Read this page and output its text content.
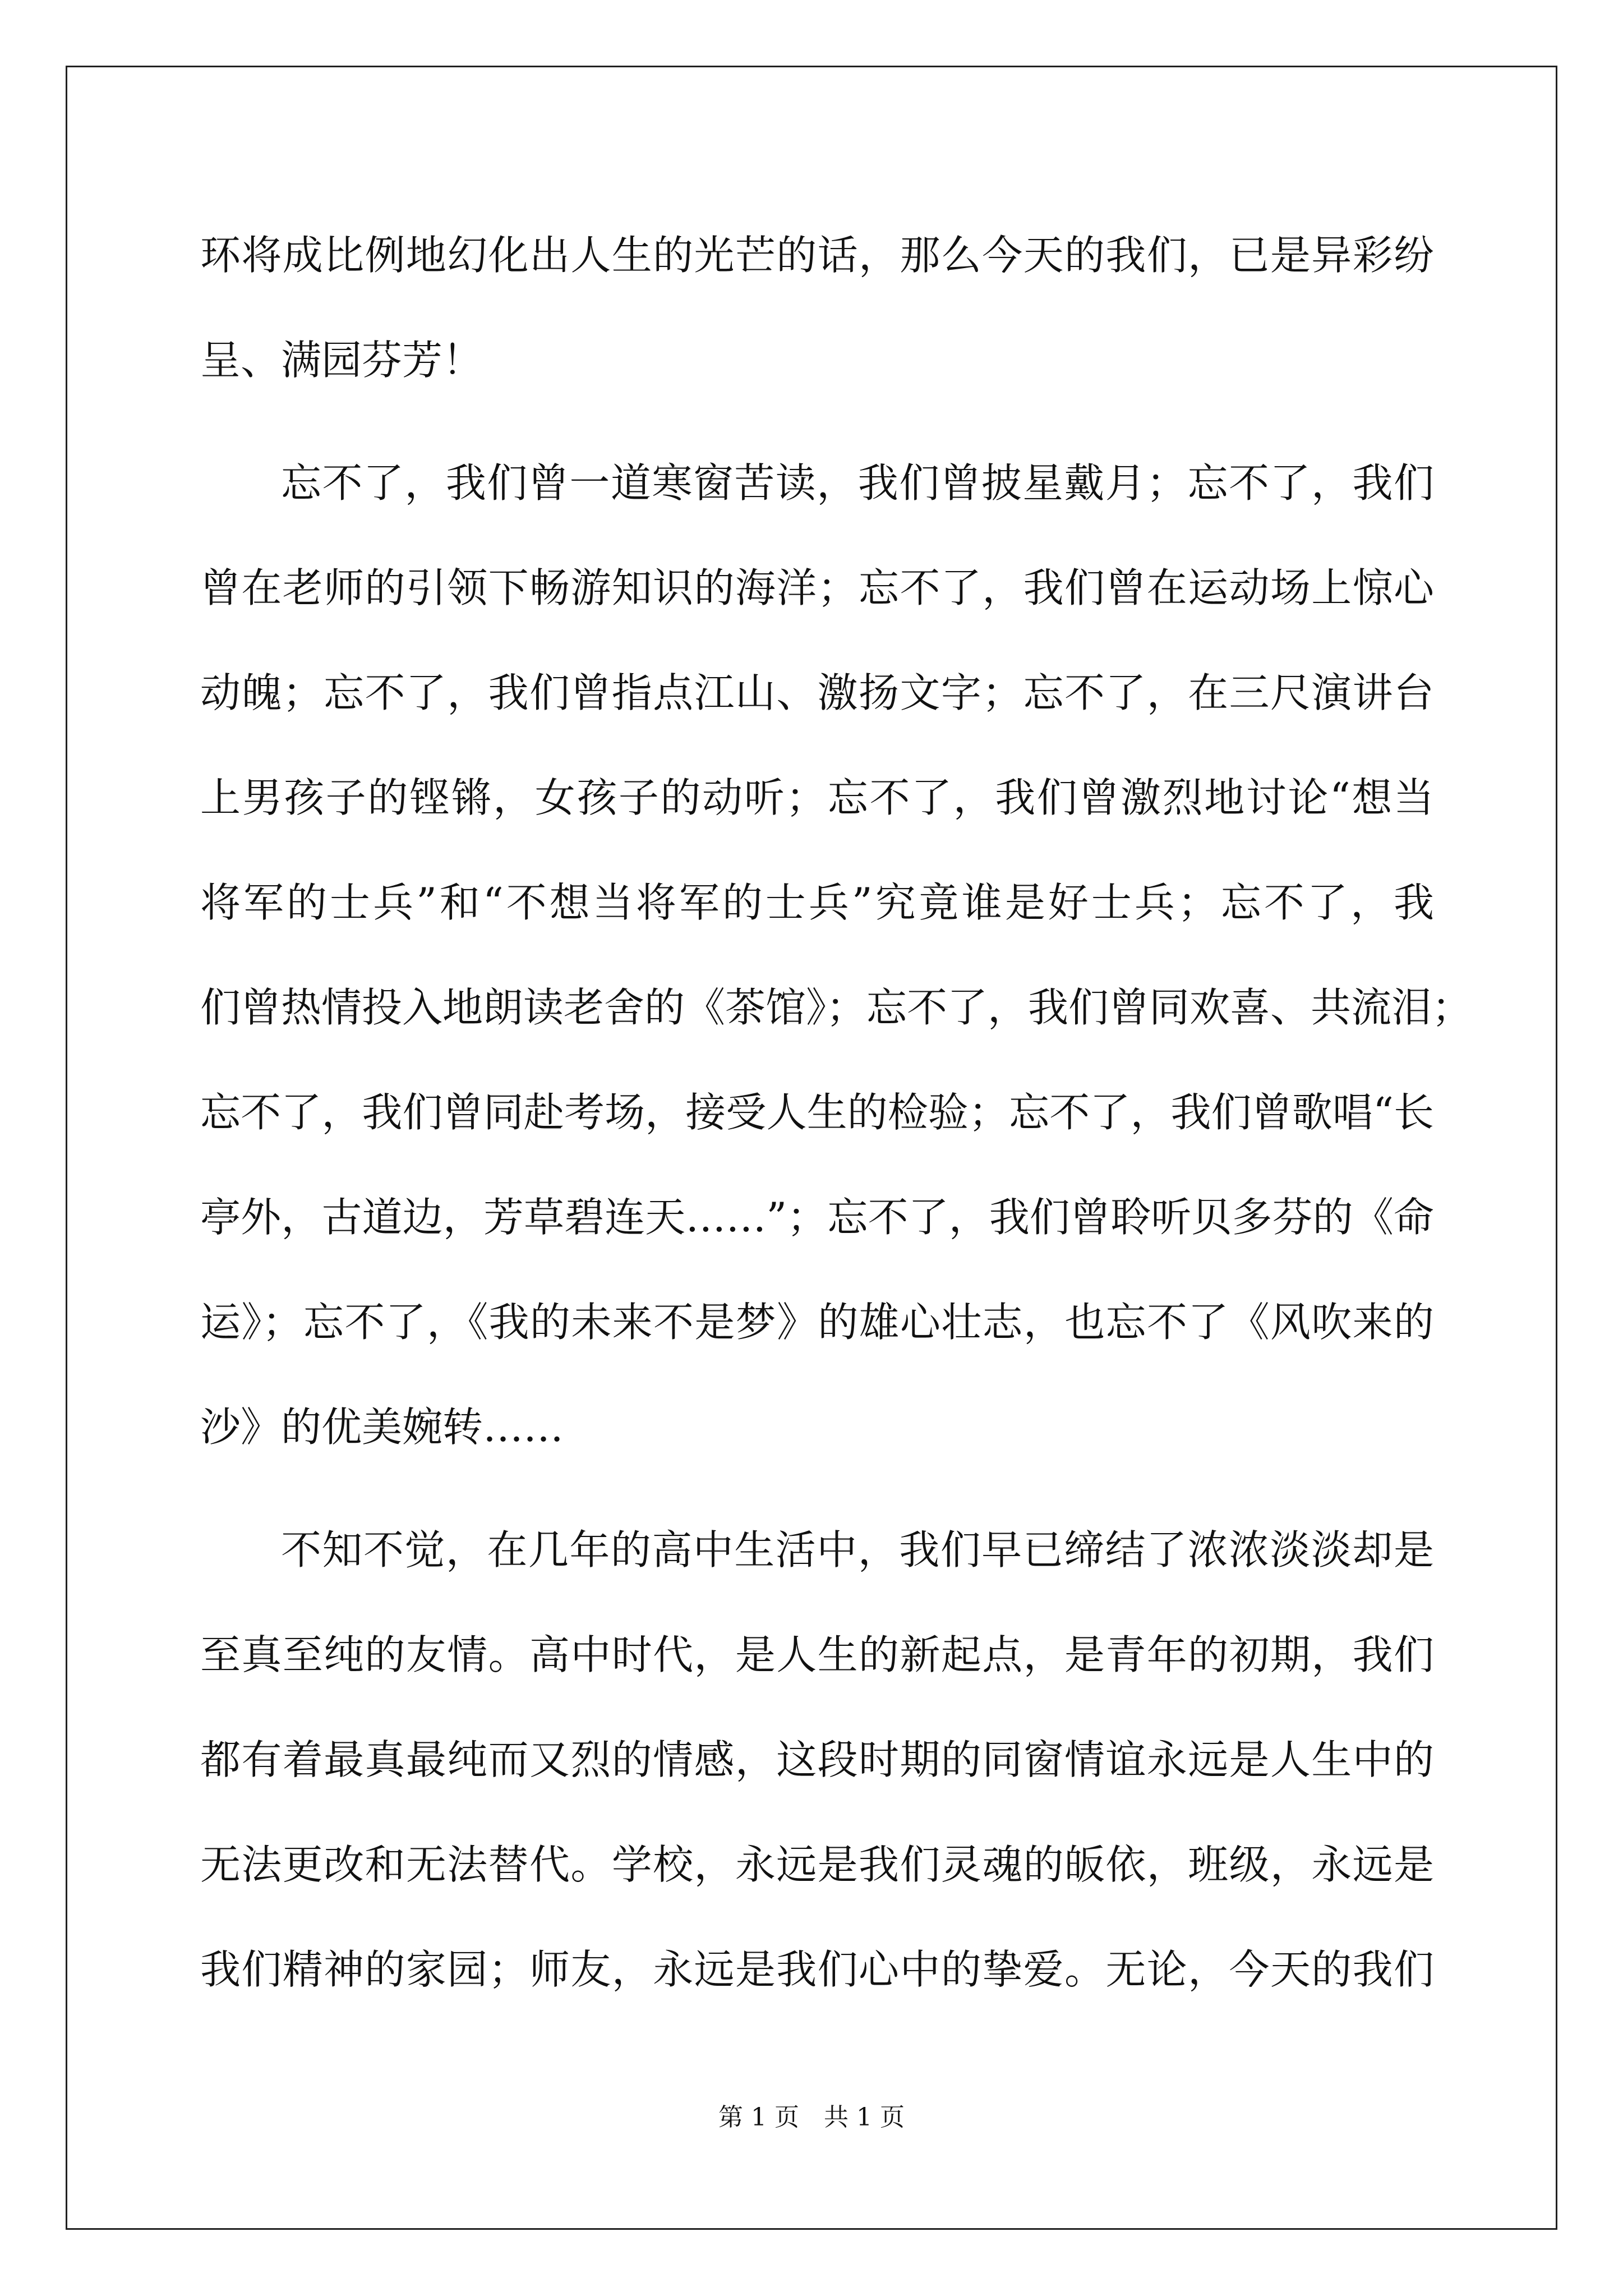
环将成比例地幻化出人生的光芒的话，那么今天的我们，已是异彩纷
呈、满园芬芳！
忘不了，我们曾一道寒窗苦读，我们曾披星戴月；忘不了，我们
曾在老师的引领下畅游知识的海洋；忘不了，我们曾在运动场上惊心
动魄；忘不了，我们曾指点江山、激扬文字；忘不了，在三尺演讲台
上男孩子的铿锵，女孩子的动听；忘不了，我们曾激烈地讨论“想当
将军的士兵”和“不想当将军的士兵”究竟谁是好士兵；忘不了，我
们曾热情投入地朗读老舍的《茶馆》；忘不了，我们曾同欢喜、共流泪；
忘不了，我们曾同赴考场，接受人生的检验；忘不了，我们曾歌唱“长
亭外，古道边，芳草碧连天……”；忘不了，我们曾聆听贝多芬的《命
运》；忘不了，《我的未来不是梦》的雄心壮志，也忘不了《风吹来的
沙》的优美婉转……
不知不觉，在几年的高中生活中，我们早已缔结了浓浓淡淡却是
至真至纯的友情。高中时代，是人生的新起点，是青年的初期，我们
都有着最真最纯而又烈的情感，这段时期的同窗情谊永远是人生中的
无法更改和无法替代。学校，永远是我们灵魂的皈依，班级，永远是
我们精神的家园；师友，永远是我们心中的挚爱。无论，今天的我们
第 1 页　共 1 页
